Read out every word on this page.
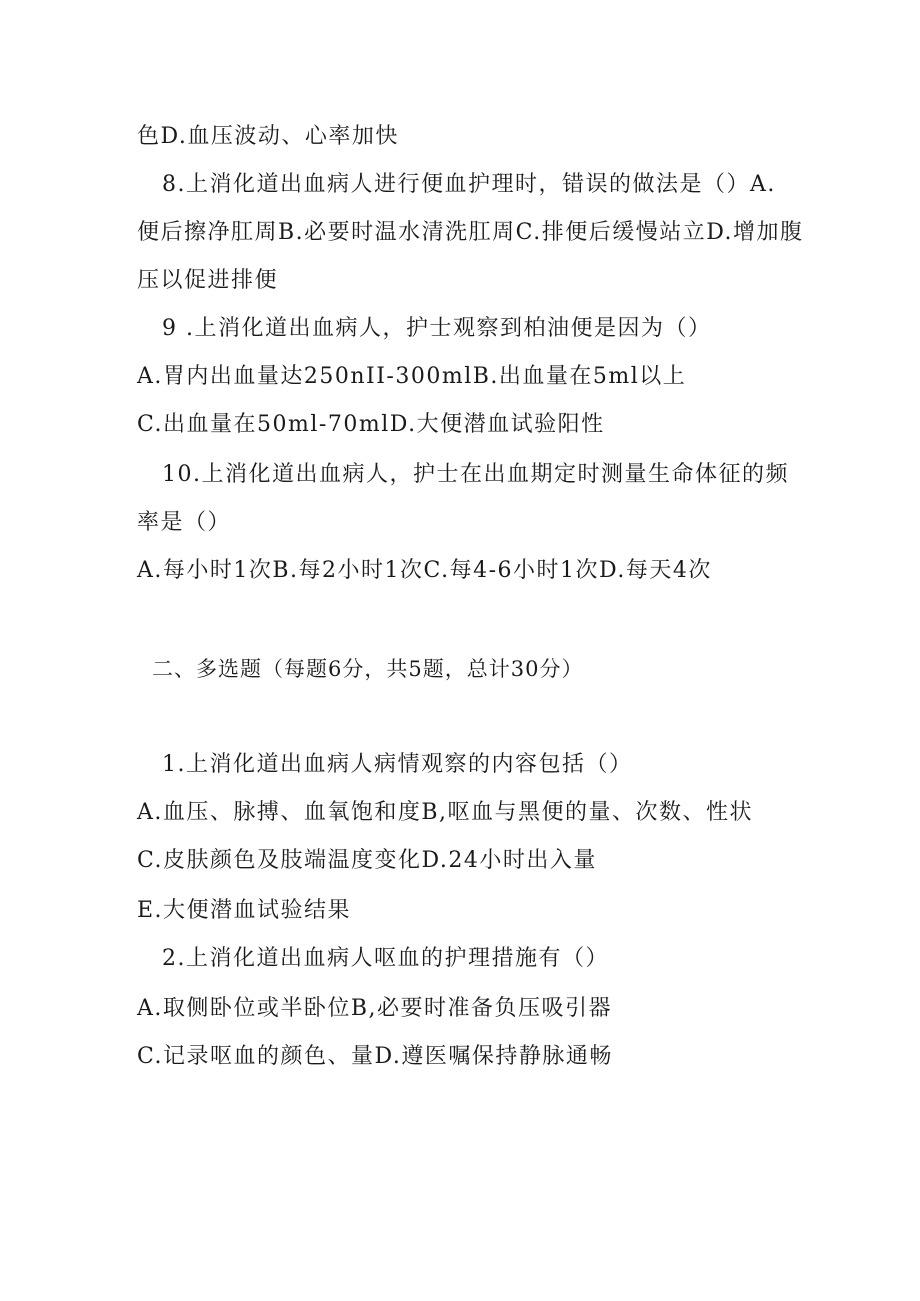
色D.血压波动、心率加快
8.上消化道出血病人进行便血护理时，错误的做法是（）A.
便后擦净肛周B.必要时温水清洗肛周C.排便后缓慢站立D.增加腹
压以促进排便
9 .上消化道出血病人，护士观察到柏油便是因为（）
A.胃内出血量达250nII-300mlB.出血量在5ml以上
C.出血量在50ml-70mlD.大便潜血试验阳性
10.上消化道出血病人，护士在出血期定时测量生命体征的频
率是（）
A.每小时1次B.每2小时1次C.每4-6小时1次D.每天4次
二、多选题（每题6分，共5题，总计30分）
1.上消化道出血病人病情观察的内容包括（）
A.血压、脉搏、血氧饱和度B,呕血与黑便的量、次数、性状
C.皮肤颜色及肢端温度变化D.24小时出入量
E.大便潜血试验结果
2.上消化道出血病人呕血的护理措施有（）
A.取侧卧位或半卧位B,必要时准备负压吸引器
C.记录呕血的颜色、量D.遵医嘱保持静脉通畅
